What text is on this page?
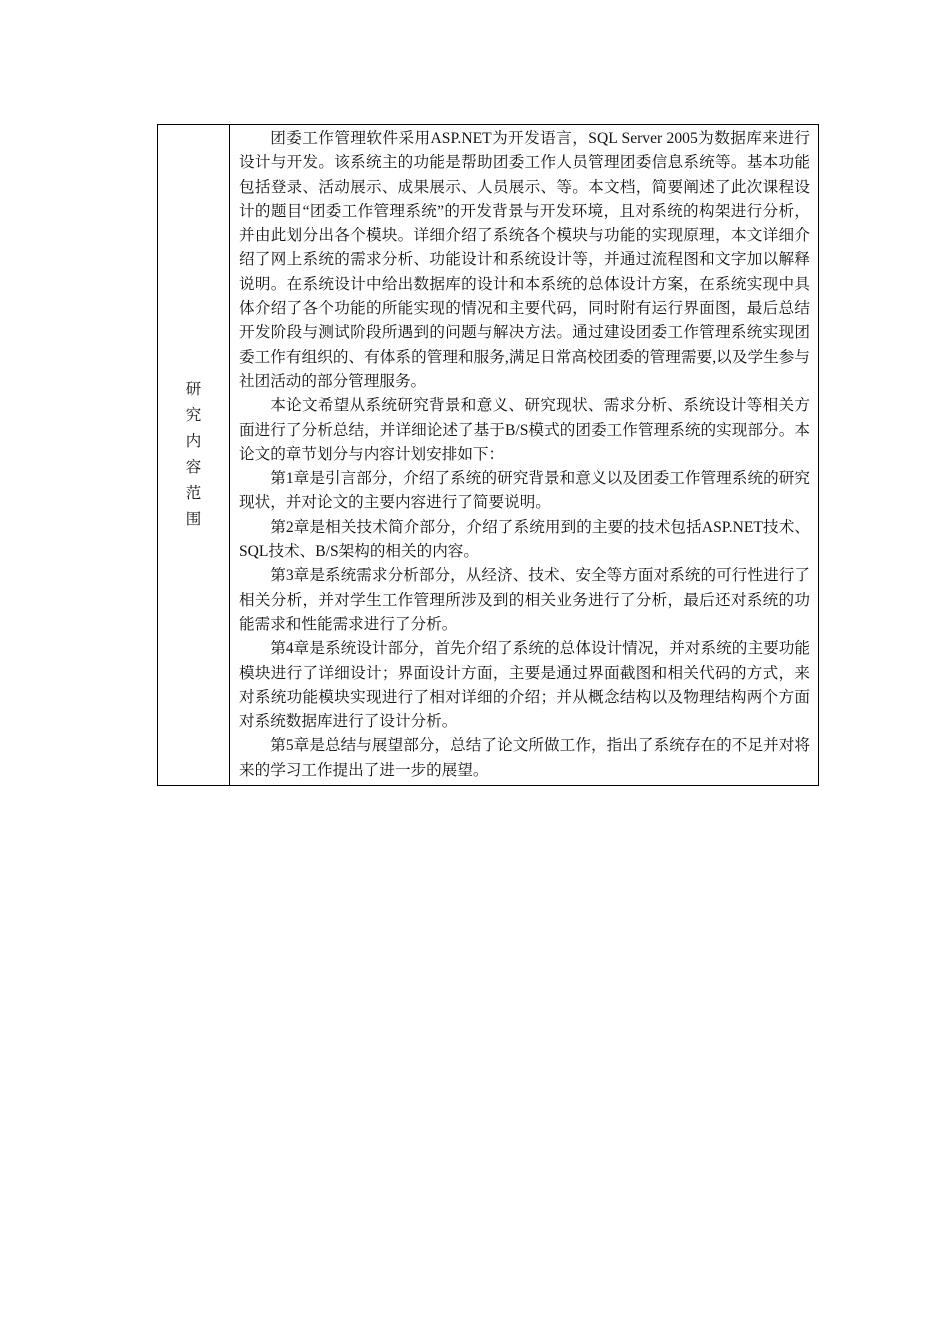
研究内容范围	

团委工作管理软件采用ASP.NET为开发语言，SQL Server 2005为数据库来进行设计与开发。该系统主的功能是帮助团委工作人员管理团委信息系统等。基本功能包括登录、活动展示、成果展示、人员展示、等。本文档，简要阐述了此次课程设计的题目“团委工作管理系统”的开发背景与开发环境，且对系统的构架进行分析，并由此划分出各个模块。详细介绍了系统各个模块与功能的实现原理，本文详细介绍了网上系统的需求分析、功能设计和系统设计等，并通过流程图和文字加以解释说明。在系统设计中给出数据库的设计和本系统的总体设计方案，在系统实现中具体介绍了各个功能的所能实现的情况和主要代码，同时附有运行界面图，最后总结开发阶段与测试阶段所遇到的问题与解决方法。通过建设团委工作管理系统实现团委工作有组织的、有体系的管理和服务,满足日常高校团委的管理需要,以及学生参与社团活动的部分管理服务。

本论文希望从系统研究背景和意义、研究现状、需求分析、系统设计等相关方面进行了分析总结，并详细论述了基于B/S模式的团委工作管理系统的实现部分。本论文的章节划分与内容计划安排如下：

第1章是引言部分，介绍了系统的研究背景和意义以及团委工作管理系统的研究现状，并对论文的主要内容进行了简要说明。

第2章是相关技术简介部分，介绍了系统用到的主要的技术包括ASP.NET技术、SQL技术、B/S架构的相关的内容。

第3章是系统需求分析部分，从经济、技术、安全等方面对系统的可行性进行了相关分析，并对学生工作管理所涉及到的相关业务进行了分析，最后还对系统的功能需求和性能需求进行了分析。

第4章是系统设计部分，首先介绍了系统的总体设计情况，并对系统的主要功能模块进行了详细设计；界面设计方面，主要是通过界面截图和相关代码的方式，来对系统功能模块实现进行了相对详细的介绍；并从概念结构以及物理结构两个方面对系统数据库进行了设计分析。

第5章是总结与展望部分，总结了论文所做工作，指出了系统存在的不足并对将来的学习工作提出了进一步的展望。
